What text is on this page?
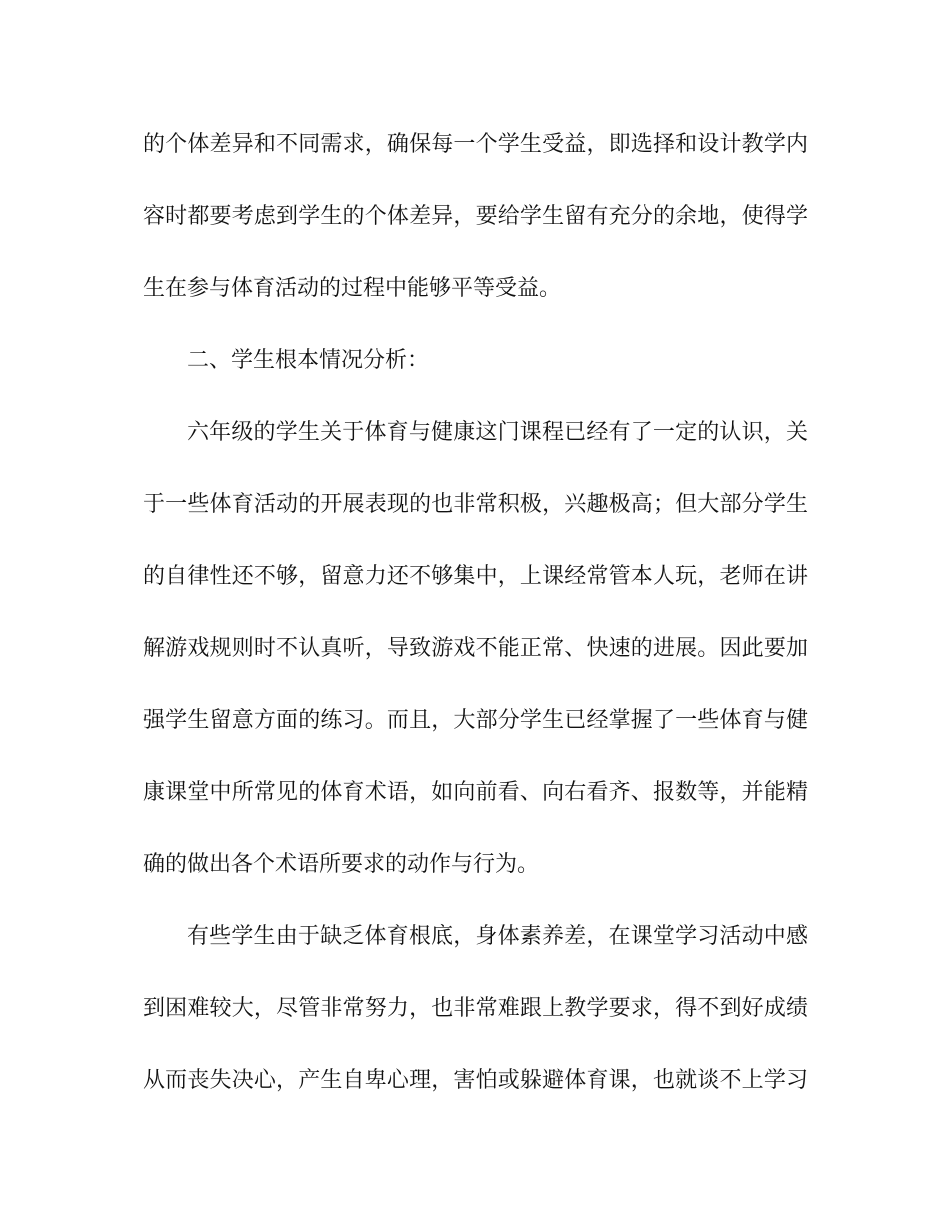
的个体差异和不同需求，确保每一个学生受益，即选择和设计教学内
容时都要考虑到学生的个体差异，要给学生留有充分的余地，使得学
生在参与体育活动的过程中能够平等受益。
二、学生根本情况分析：
六年级的学生关于体育与健康这门课程已经有了一定的认识，关
于一些体育活动的开展表现的也非常积极，兴趣极高；但大部分学生
的自律性还不够，留意力还不够集中，上课经常管本人玩，老师在讲
解游戏规则时不认真听，导致游戏不能正常、快速的进展。因此要加
强学生留意方面的练习。而且，大部分学生已经掌握了一些体育与健
康课堂中所常见的体育术语，如向前看、向右看齐、报数等，并能精
确的做出各个术语所要求的动作与行为。
有些学生由于缺乏体育根底，身体素养差，在课堂学习活动中感
到困难较大，尽管非常努力，也非常难跟上教学要求，得不到好成绩
从而丧失决心，产生自卑心理，害怕或躲避体育课，也就谈不上学习
